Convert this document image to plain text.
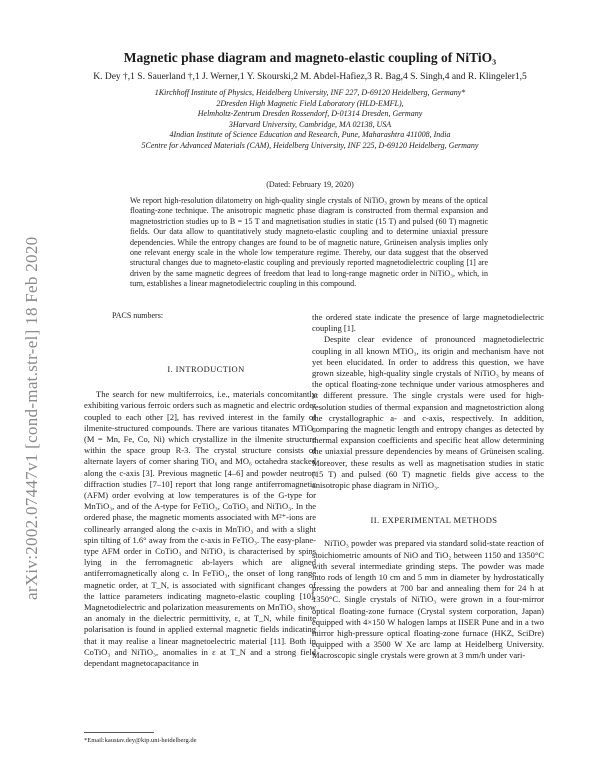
arXiv:2002.07447v1 [cond-mat.str-el] 18 Feb 2020
Magnetic phase diagram and magneto-elastic coupling of NiTiO₃
K. Dey †,1 S. Sauerland †,1 J. Werner,1 Y. Skourski,2 M. Abdel-Hafiez,3 R. Bag,4 S. Singh,4 and R. Klingeler1,5
1Kirchhoff Institute of Physics, Heidelberg University, INF 227, D-69120 Heidelberg, Germany*
2Dresden High Magnetic Field Laboratory (HLD-EMFL),
Helmholtz-Zentrum Dresden Rossendorf, D-01314 Dresden, Germany
3Harvard University, Cambridge, MA 02138, USA
4Indian Institute of Science Education and Research, Pune, Maharashtra 411008, India
5Centre for Advanced Materials (CAM), Heidelberg University, INF 225, D-69120 Heidelberg, Germany
(Dated: February 19, 2020)
We report high-resolution dilatometry on high-quality single crystals of NiTiO₃ grown by means of the optical floating-zone technique. The anisotropic magnetic phase diagram is constructed from thermal expansion and magnetostriction studies up to B = 15 T and magnetisation studies in static (15 T) and pulsed (60 T) magnetic fields. Our data allow to quantitatively study magneto-elastic coupling and to determine uniaxial pressure dependencies. While the entropy changes are found to be of magnetic nature, Grüneisen analysis implies only one relevant energy scale in the whole low temperature regime. Thereby, our data suggest that the observed structural changes due to magneto-elastic coupling and previously reported magnetodielectric coupling [1] are driven by the same magnetic degrees of freedom that lead to long-range magnetic order in NiTiO₃, which, in turn, establishes a linear magnetodielectric coupling in this compound.
PACS numbers:

I. INTRODUCTION

The search for new multiferroics, i.e., materials concomitantly exhibiting various ferroic orders such as magnetic and electric order coupled to each other [2], has revived interest in the family of ilmenite-structured compounds. There are various titanates MTiO₃ (M = Mn, Fe, Co, Ni) which crystallize in the ilmenite structure within the space group R-3. The crystal structure consists of alternate layers of corner sharing TiO₆ and MO₆ octahedra stacked along the c-axis [3]. Previous magnetic [4–6] and powder neutron diffraction studies [7–10] report that long range antiferromagnetic (AFM) order evolving at low temperatures is of the G-type for MnTiO₃, and of the A-type for FeTiO₃, CoTiO₃ and NiTiO₃. In the ordered phase, the magnetic moments associated with M²⁺-ions are collinearly arranged along the c-axis in MnTiO₃ and with a slight spin tilting of 1.6° away from the c-axis in FeTiO₃. The easy-plane-type AFM order in CoTiO₃ and NiTiO₃ is characterised by spins lying in the ferromagnetic ab-layers which are aligned antiferromagnetically along c. In FeTiO₃, the onset of long range magnetic order, at T_N, is associated with significant changes of the lattice parameters indicating magneto-elastic coupling [10]. Magnetodielectric and polarization measurements on MnTiO₃ show an anomaly in the dielectric permittivity, ε, at T_N, while finite polarisation is found in applied external magnetic fields indicating that it may realise a linear magnetoelectric material [11]. Both in CoTiO₃ and NiTiO₃, anomalies in ε at T_N and a strong field dependant magnetocapacitance in

the ordered state indicate the presence of large magnetodielectric coupling [1].

Despite clear evidence of pronounced magnetodielectric coupling in all known MTiO₃, its origin and mechanism have not yet been elucidated. In order to address this question, we have grown sizeable, high-quality single crystals of NiTiO₃ by means of the optical floating-zone technique under various atmospheres and at different pressure. The single crystals were used for high-resolution studies of thermal expansion and magnetostriction along the crystallographic a- and c-axis, respectively. In addition, comparing the magnetic length and entropy changes as detected by thermal expansion coefficients and specific heat allow determining the uniaxial pressure dependencies by means of Grüneisen scaling. Moreover, these results as well as magnetisation studies in static (15 T) and pulsed (60 T) magnetic fields give access to the anisotropic phase diagram in NiTiO₃.

II. EXPERIMENTAL METHODS

NiTiO₃ powder was prepared via standard solid-state reaction of stoichiometric amounts of NiO and TiO₂ between 1150 and 1350°C with several intermediate grinding steps. The powder was made into rods of length 10 cm and 5 mm in diameter by hydrostatically pressing the powders at 700 bar and annealing them for 24 h at 1350°C. Single crystals of NiTiO₃ were grown in a four-mirror optical floating-zone furnace (Crystal system corporation, Japan) equipped with 4×150 W halogen lamps at IISER Pune and in a two mirror high-pressure optical floating-zone furnace (HKZ, SciDre) equipped with a 3500 W Xe arc lamp at Heidelberg University. Macroscopic single crystals were grown at 3 mm/h under vari-

*Email:kaustav.dey@kip.uni-heidelberg.de
